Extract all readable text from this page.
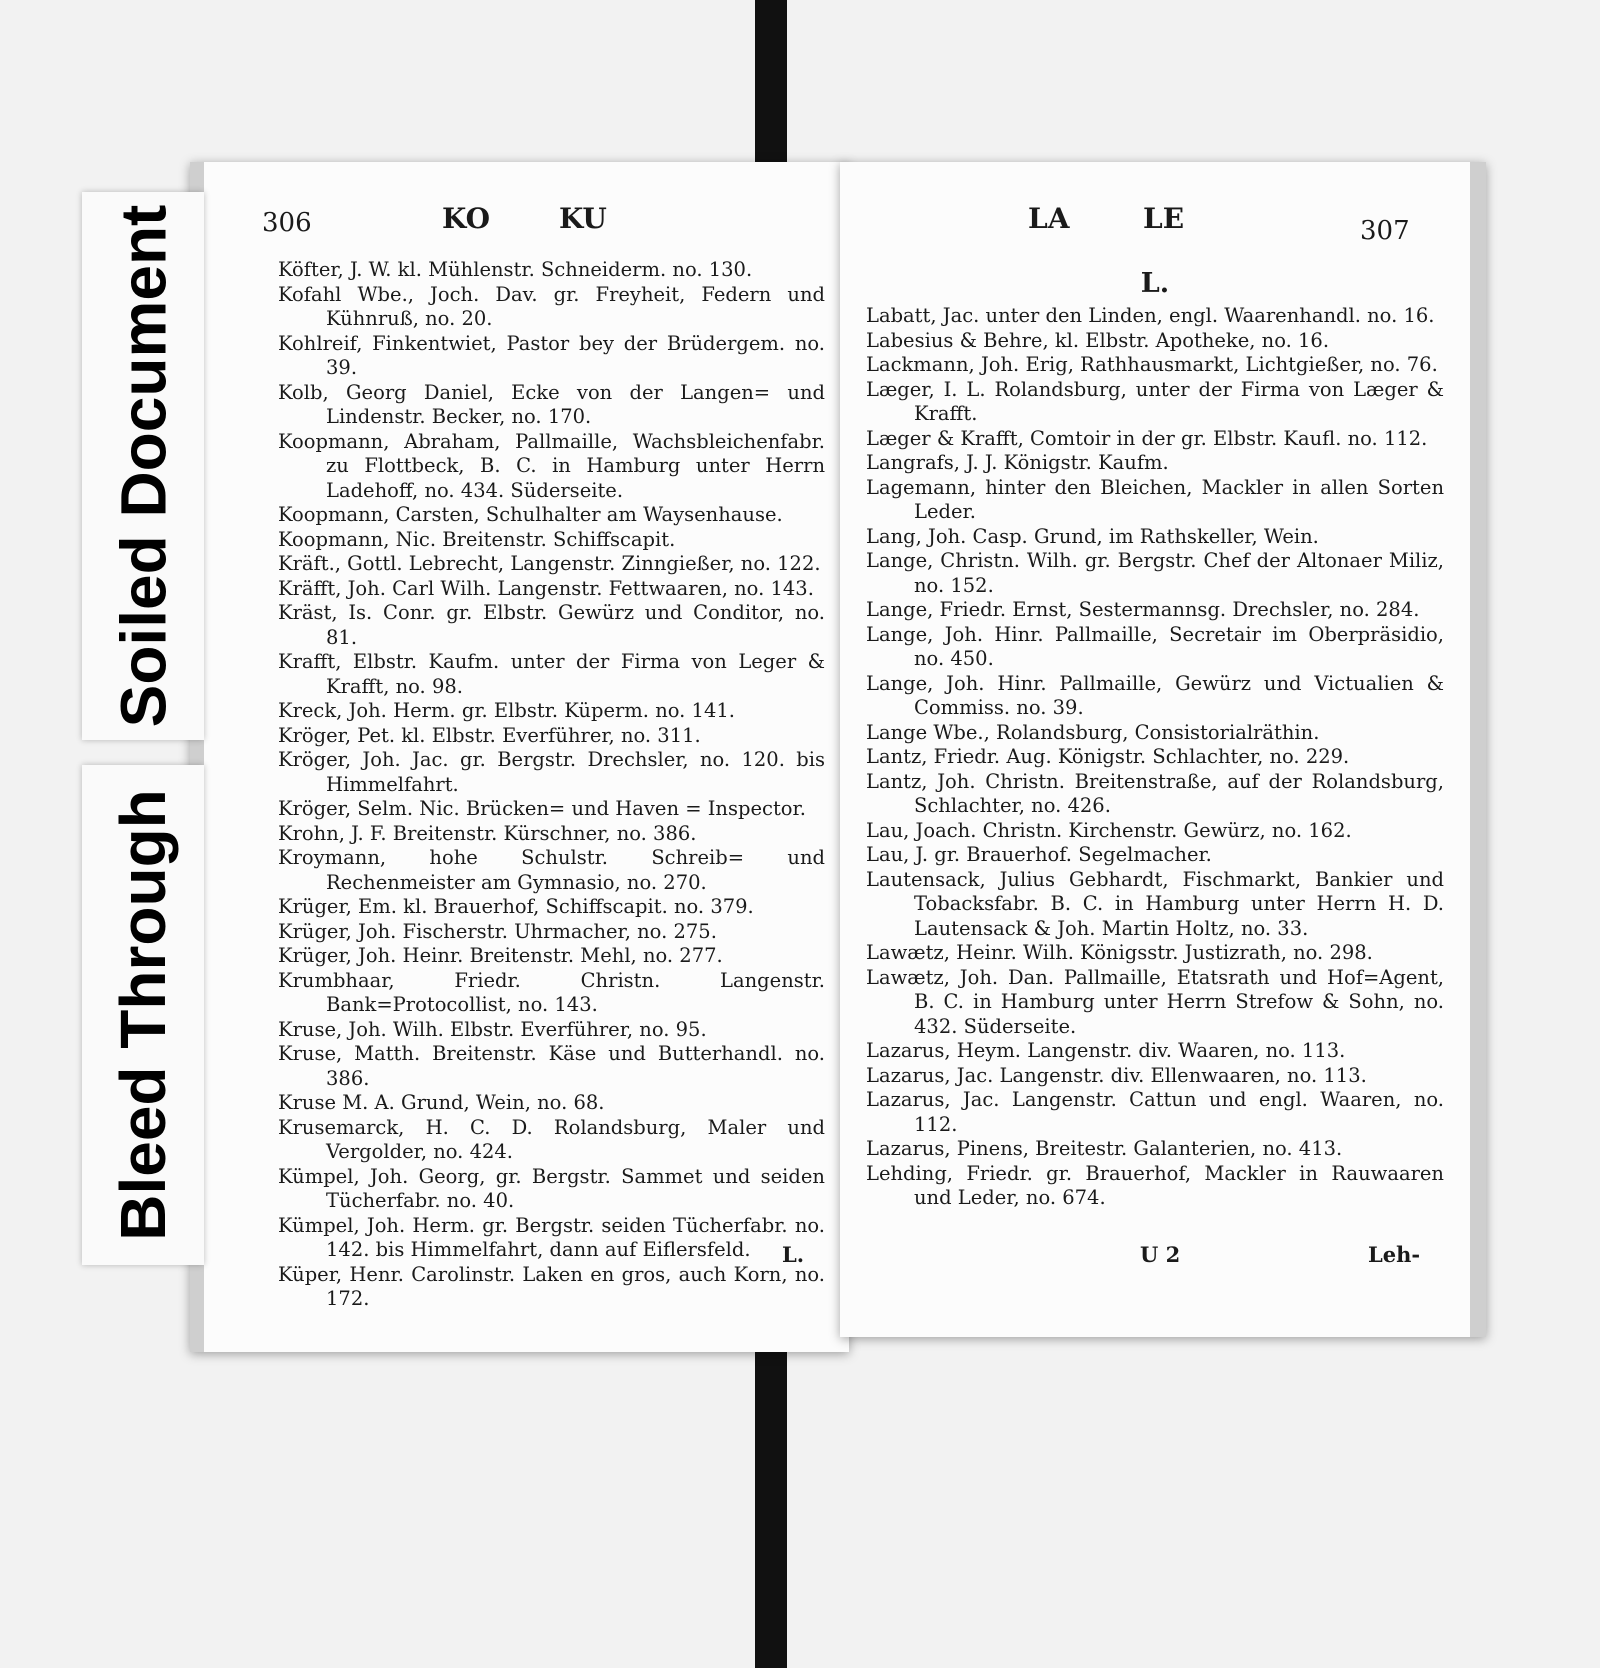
306	KO KU
Köfter, J. W. kl. Mühlenstr. Schneiderm. no. 130.
Kofahl Wbe., Joch. Dav. gr. Freyheit, Federn und Kühnruß, no. 20.
Kohlreif, Finkentwiet, Pastor bey der Brüdergem. no. 39.
Kolb, Georg Daniel, Ecke von der Langen= und Lindenstr. Becker, no. 170.
Koopmann, Abraham, Pallmaille, Wachsbleichenfabr. zu Flottbeck, B. C. in Hamburg unter Herrn Ladehoff, no. 434. Süderseite.
Koopmann, Carsten, Schulhalter am Waysenhause.
Koopmann, Nic. Breitenstr. Schiffscapit.
Kräft., Gottl. Lebrecht, Langenstr. Zinngießer, no. 122.
Kräfft, Joh. Carl Wilh. Langenstr. Fettwaaren, no. 143.
Kräst, Is. Conr. gr. Elbstr. Gewürz und Conditor, no. 81.
Krafft, Elbstr. Kaufm. unter der Firma von Leger & Krafft, no. 98.
Kreck, Joh. Herm. gr. Elbstr. Küperm. no. 141.
Kröger, Pet. kl. Elbstr. Everführer, no. 311.
Kröger, Joh. Jac. gr. Bergstr. Drechsler, no. 120. bis Himmelfahrt.
Kröger, Selm. Nic. Brücken= und Haven = Inspector.
Krohn, J. F. Breitenstr. Kürschner, no. 386.
Kroymann, hohe Schulstr. Schreib= und Rechenmeister am Gymnasio, no. 270.
Krüger, Em. kl. Brauerhof, Schiffscapit. no. 379.
Krüger, Joh. Fischerstr. Uhrmacher, no. 275.
Krüger, Joh. Heinr. Breitenstr. Mehl, no. 277.
Krumbhaar, Friedr. Christn. Langenstr. Bank=Protocollist, no. 143.
Kruse, Joh. Wilh. Elbstr. Everführer, no. 95.
Kruse, Matth. Breitenstr. Käse und Butterhandl. no. 386.
Kruse M. A. Grund, Wein, no. 68.
Krusemarck, H. C. D. Rolandsburg, Maler und Vergolder, no. 424.
Kümpel, Joh. Georg, gr. Bergstr. Sammet und seiden Tücherfabr. no. 40.
Kümpel, Joh. Herm. gr. Bergstr. seiden Tücherfabr. no. 142. bis Himmelfahrt, dann auf Eiflersfeld.
Küper, Henr. Carolinstr. Laken en gros, auch Korn, no. 172.
L.
LA	LE	307
L.
Labatt, Jac. unter den Linden, engl. Waarenhandl. no. 16.
Labesius & Behre, kl. Elbstr. Apotheke, no. 16.
Lackmann, Joh. Erig, Rathhausmarkt, Lichtgießer, no. 76.
Læger, I. L. Rolandsburg, unter der Firma von Læger & Krafft.
Læger & Krafft, Comtoir in der gr. Elbstr. Kaufl. no. 112.
Langrafs, J. J. Königstr. Kaufm.
Lagemann, hinter den Bleichen, Mackler in allen Sorten Leder.
Lang, Joh. Casp. Grund, im Rathskeller, Wein.
Lange, Christn. Wilh. gr. Bergstr. Chef der Altonaer Miliz, no. 152.
Lange, Friedr. Ernst, Sestermannsg. Drechsler, no. 284.
Lange, Joh. Hinr. Pallmaille, Secretair im Oberpräsidio, no. 450.
Lange, Joh. Hinr. Pallmaille, Gewürz und Victualien & Commiss. no. 39.
Lange Wbe., Rolandsburg, Consistorialräthin.
Lantz, Friedr. Aug. Königstr. Schlachter, no. 229.
Lantz, Joh. Christn. Breitenstraße, auf der Rolandsburg, Schlachter, no. 426.
Lau, Joach. Christn. Kirchenstr. Gewürz, no. 162.
Lau, J. gr. Brauerhof. Segelmacher.
Lautensack, Julius Gebhardt, Fischmarkt, Bankier und Tobacksfabr. B. C. in Hamburg unter Herrn H. D. Lautensack & Joh. Martin Holtz, no. 33.
Lawætz, Heinr. Wilh. Königsstr. Justizrath, no. 298.
Lawætz, Joh. Dan. Pallmaille, Etatsrath und Hof=Agent, B. C. in Hamburg unter Herrn Strefow & Sohn, no. 432. Süderseite.
Lazarus, Heym. Langenstr. div. Waaren, no. 113.
Lazarus, Jac. Langenstr. div. Ellenwaaren, no. 113.
Lazarus, Jac. Langenstr. Cattun und engl. Waaren, no. 112.
Lazarus, Pinens, Breitestr. Galanterien, no. 413.
Lehding, Friedr. gr. Brauerhof, Mackler in Rauwaaren und Leder, no. 674.
U 2	Leh-
Soiled Document
Bleed Through
